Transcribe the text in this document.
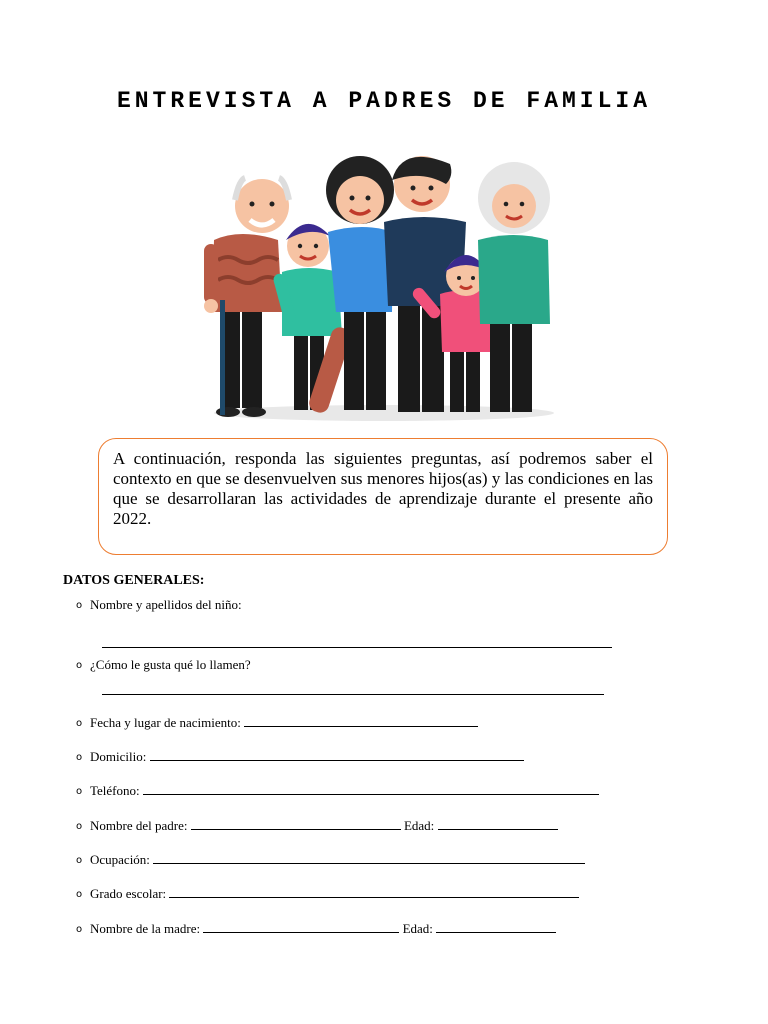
ENTREVISTA A PADRES DE FAMILIA
A continuación, responda las siguientes preguntas, así podremos saber el contexto en que se desenvuelven sus menores hijos(as) y las condiciones en las que se desarrollaran las actividades de aprendizaje durante el presente año 2022.
DATOS GENERALES:
o Nombre y apellidos del niño:
o ¿Cómo le gusta qué lo llamen?
o Fecha y lugar de nacimiento:
o Domicilio:
o Teléfono:
o Nombre del padre:	Edad:
o Ocupación:
o Grado escolar:
o Nombre de la madre:	Edad:
